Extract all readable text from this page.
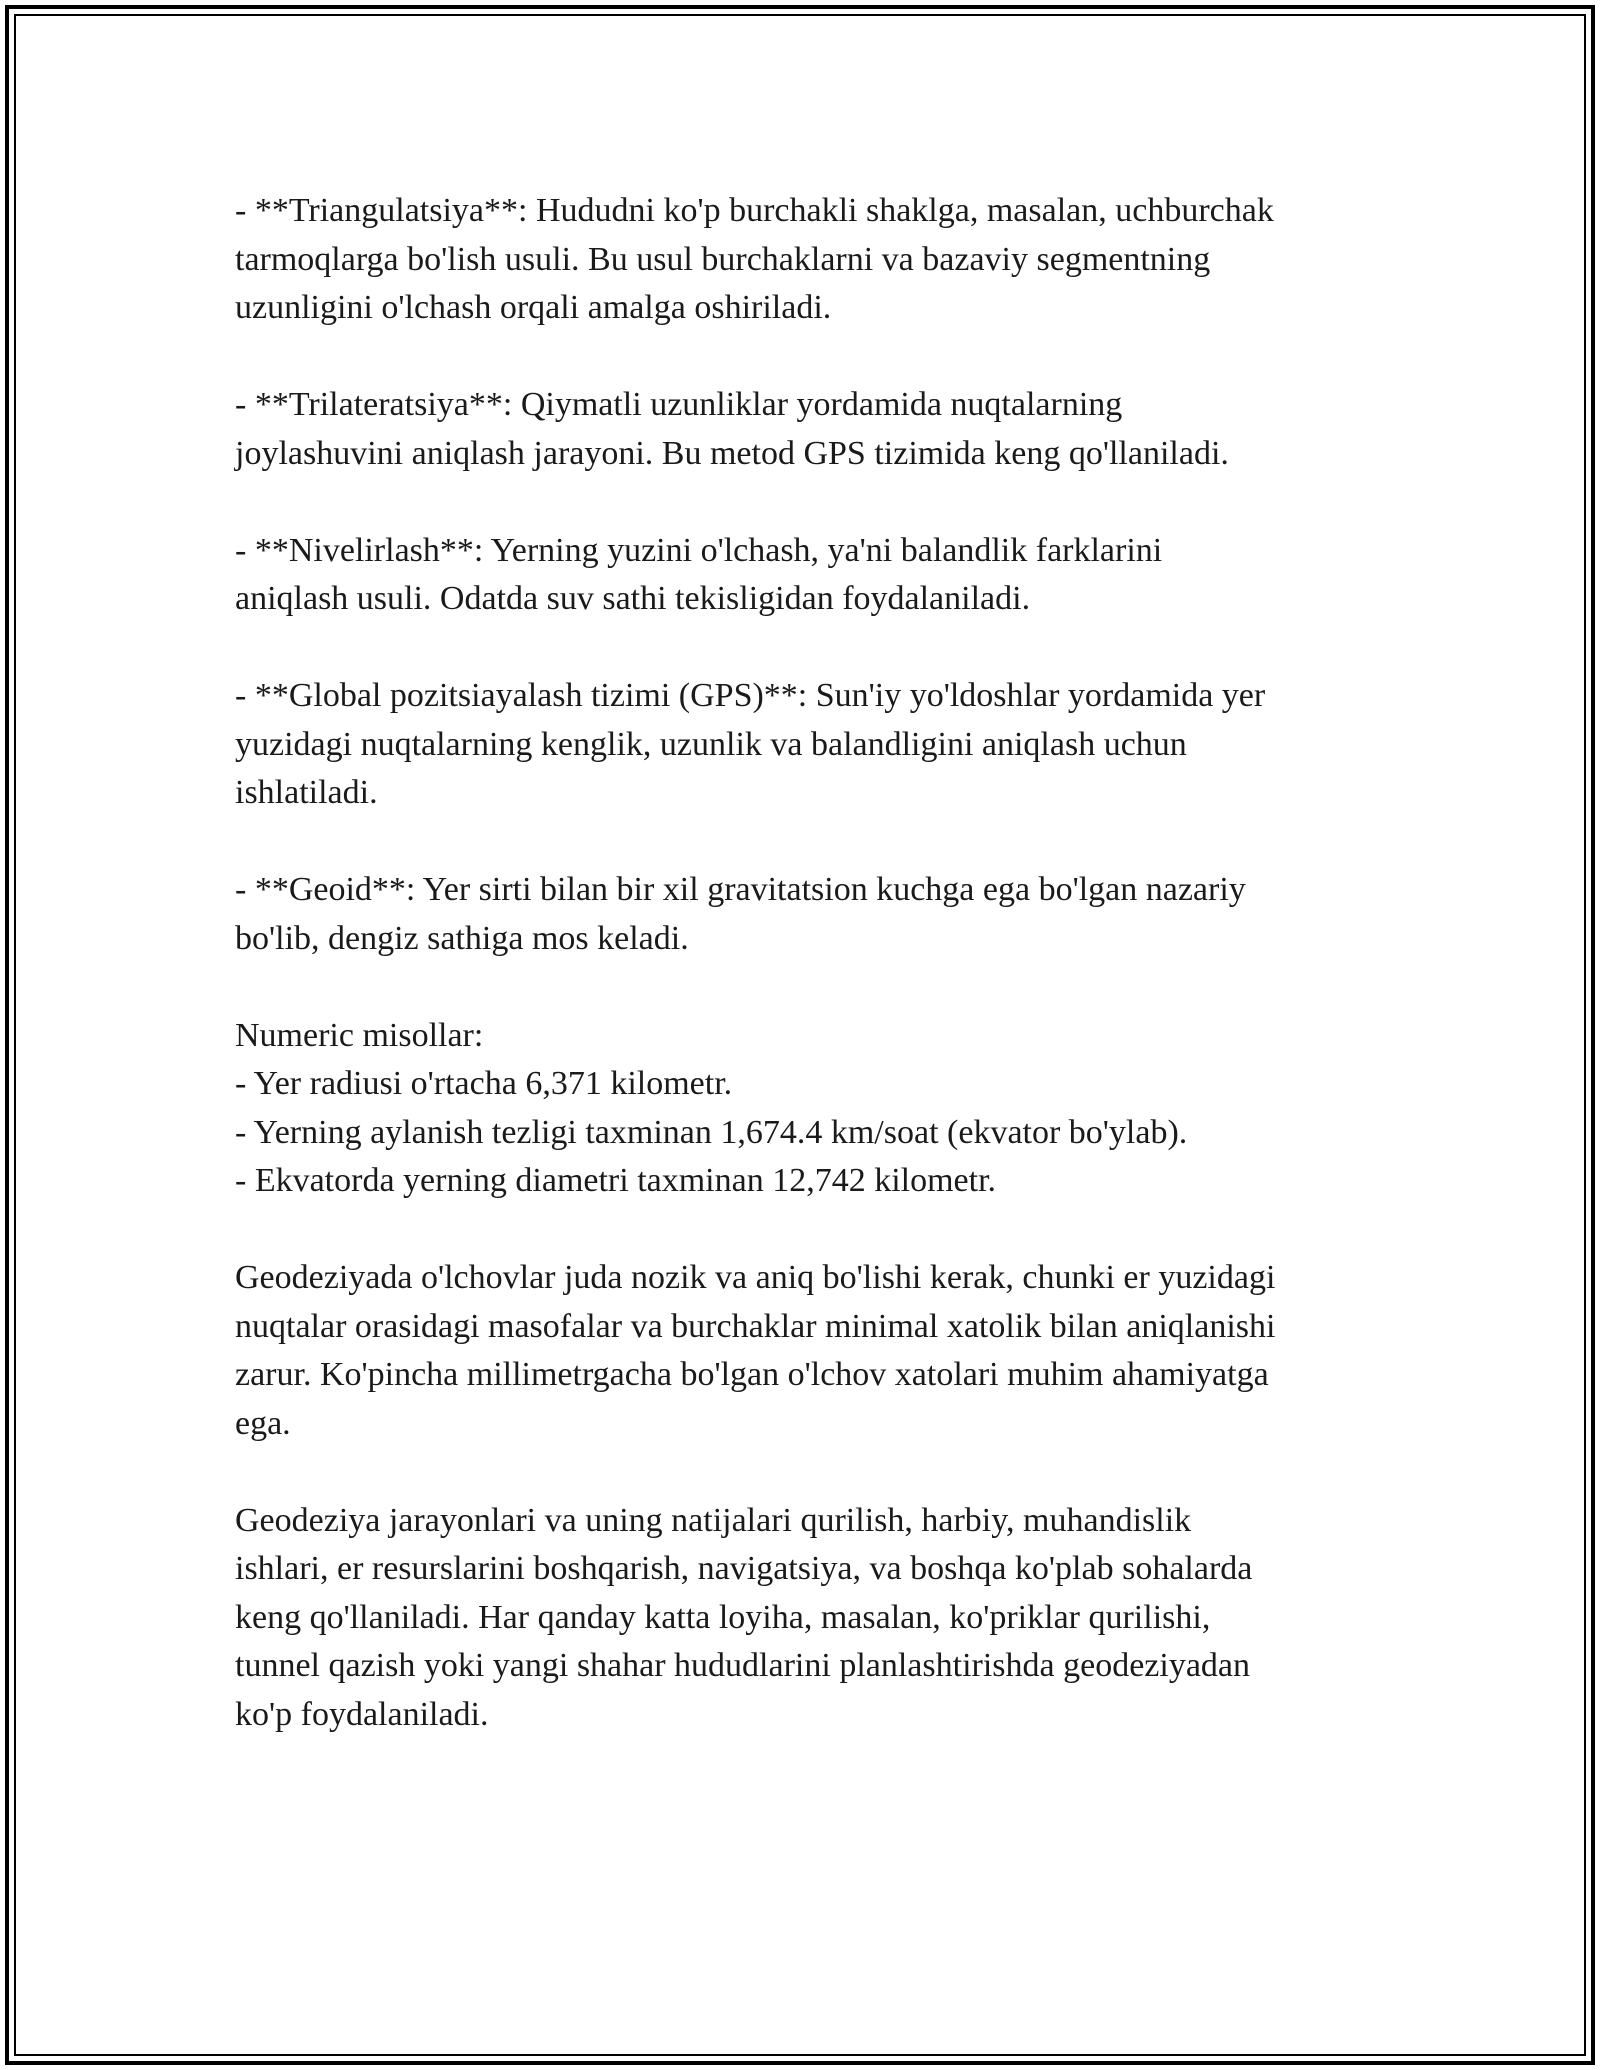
- **Triangulatsiya**: Hududni ko'p burchakli shaklga, masalan, uchburchak
tarmoqlarga bo'lish usuli. Bu usul burchaklarni va bazaviy segmentning
uzunligini o'lchash orqali amalga oshiriladi.

- **Trilateratsiya**: Qiymatli uzunliklar yordamida nuqtalarning
joylashuvini aniqlash jarayoni. Bu metod GPS tizimida keng qo'llaniladi.

- **Nivelirlash**: Yerning yuzini o'lchash, ya'ni balandlik farklarini
aniqlash usuli. Odatda suv sathi tekisligidan foydalaniladi.

- **Global pozitsiayalash tizimi (GPS)**: Sun'iy yo'ldoshlar yordamida yer
yuzidagi nuqtalarning kenglik, uzunlik va balandligini aniqlash uchun
ishlatiladi.

- **Geoid**: Yer sirti bilan bir xil gravitatsion kuchga ega bo'lgan nazariy
bo'lib, dengiz sathiga mos keladi.

Numeric misollar:
- Yer radiusi o'rtacha 6,371 kilometr.
- Yerning aylanish tezligi taxminan 1,674.4 km/soat (ekvator bo'ylab).
- Ekvatorda yerning diametri taxminan 12,742 kilometr.

Geodeziyada o'lchovlar juda nozik va aniq bo'lishi kerak, chunki er yuzidagi
nuqtalar orasidagi masofalar va burchaklar minimal xatolik bilan aniqlanishi
zarur. Ko'pincha millimetrgacha bo'lgan o'lchov xatolari muhim ahamiyatga
ega.

Geodeziya jarayonlari va uning natijalari qurilish, harbiy, muhandislik
ishlari, er resurslarini boshqarish, navigatsiya, va boshqa ko'plab sohalarda
keng qo'llaniladi. Har qanday katta loyiha, masalan, ko'priklar qurilishi,
tunnel qazish yoki yangi shahar hududlarini planlashtirishda geodeziyadan
ko'p foydalaniladi.
